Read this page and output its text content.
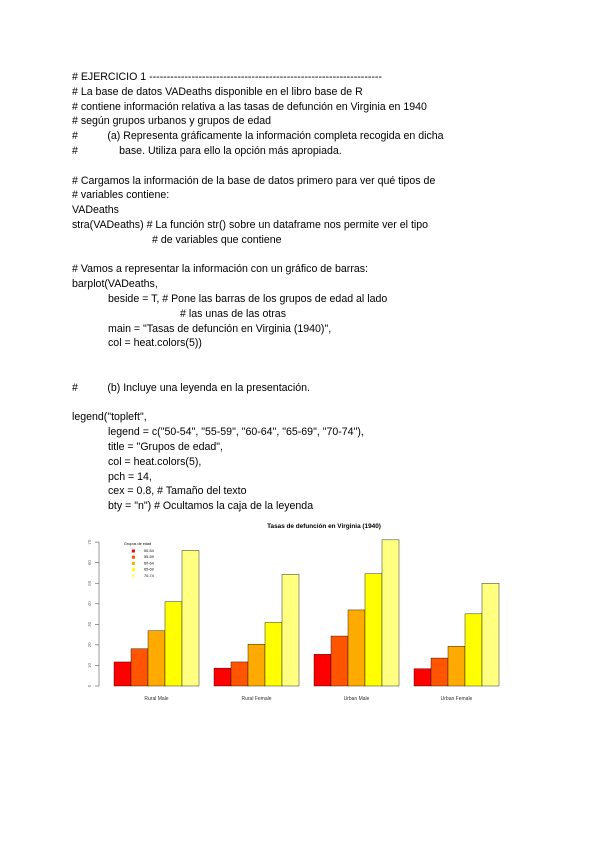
# EJERCICIO 1 ------------------------------------------------------------------
# La base de datos VADeaths disponible en el libro base de R
# contiene información relativa a las tasas de defunción en Virginia en 1940
# según grupos urbanos y grupos de edad
#          (a) Representa gráficamente la información completa recogida en dicha
#              base. Utiliza para ello la opción más apropiada.
# Cargamos la información de la base de datos primero para ver qué tipos de
# variables contiene:
VADeaths
stra(VADeaths) # La función str() sobre un dataframe nos permite ver el tipo
# de variables que contiene
# Vamos a representar la información con un gráfico de barras:
barplot(VADeaths,
beside = T, # Pone las barras de los grupos de edad al lado
# las unas de las otras
main = "Tasas de defunción en Virginia (1940)",
col = heat.colors(5))
#          (b) Incluye una leyenda en la presentación.
legend("topleft",
legend = c("50-54", "55-59", "60-64", "65-69", "70-74"),
title = "Grupos de edad",
col = heat.colors(5),
pch = 14,
cex = 0.8, # Tamaño del texto
bty = "n") # Ocultamos la caja de la leyenda
Tasas de defunción en Virginia (1940)
0
10
20
30
40
50
60
70
Rural Male	Rural Female	Urban Male	Urban Female
Grupos de edad
50-54
55-59
60-64
65-69
70-74
